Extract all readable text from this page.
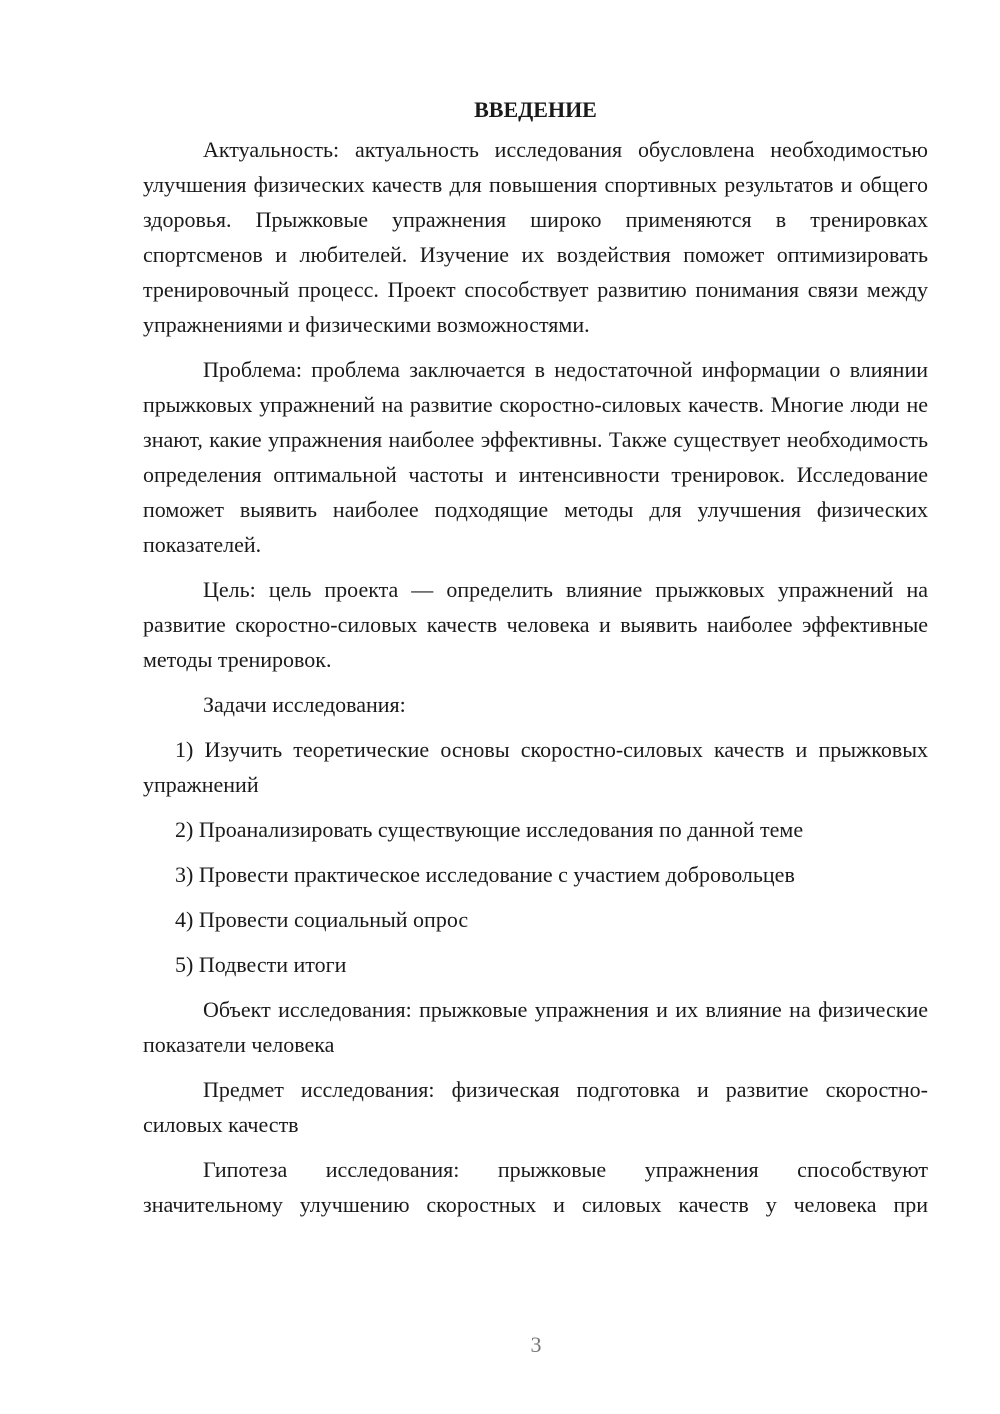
ВВЕДЕНИЕ

Актуальность: актуальность исследования обусловлена необходимостью улучшения физических качеств для повышения спортивных результатов и общего здоровья. Прыжковые упражнения широко применяются в тренировках спортсменов и любителей. Изучение их воздействия поможет оптимизировать тренировочный процесс. Проект способствует развитию понимания связи между упражнениями и физическими возможностями.

Проблема: проблема заключается в недостаточной информации о влиянии прыжковых упражнений на развитие скоростно-силовых качеств. Многие люди не знают, какие упражнения наиболее эффективны. Также существует необходимость определения оптимальной частоты и интенсивности тренировок. Исследование поможет выявить наиболее подходящие методы для улучшения физических показателей.

Цель: цель проекта — определить влияние прыжковых упражнений на развитие скоростно-силовых качеств человека и выявить наиболее эффективные методы тренировок.

Задачи исследования:

1) Изучить теоретические основы скоростно-силовых качеств и прыжковых упражнений

2) Проанализировать существующие исследования по данной теме

3) Провести практическое исследование с участием добровольцев

4) Провести социальный опрос

5) Подвести итоги

Объект исследования: прыжковые упражнения и их влияние на физические показатели человека

Предмет исследования: физическая подготовка и развитие скоростно-силовых качеств

Гипотеза исследования: прыжковые упражнения способствуют значительному улучшению скоростных и силовых качеств у человека при

3
